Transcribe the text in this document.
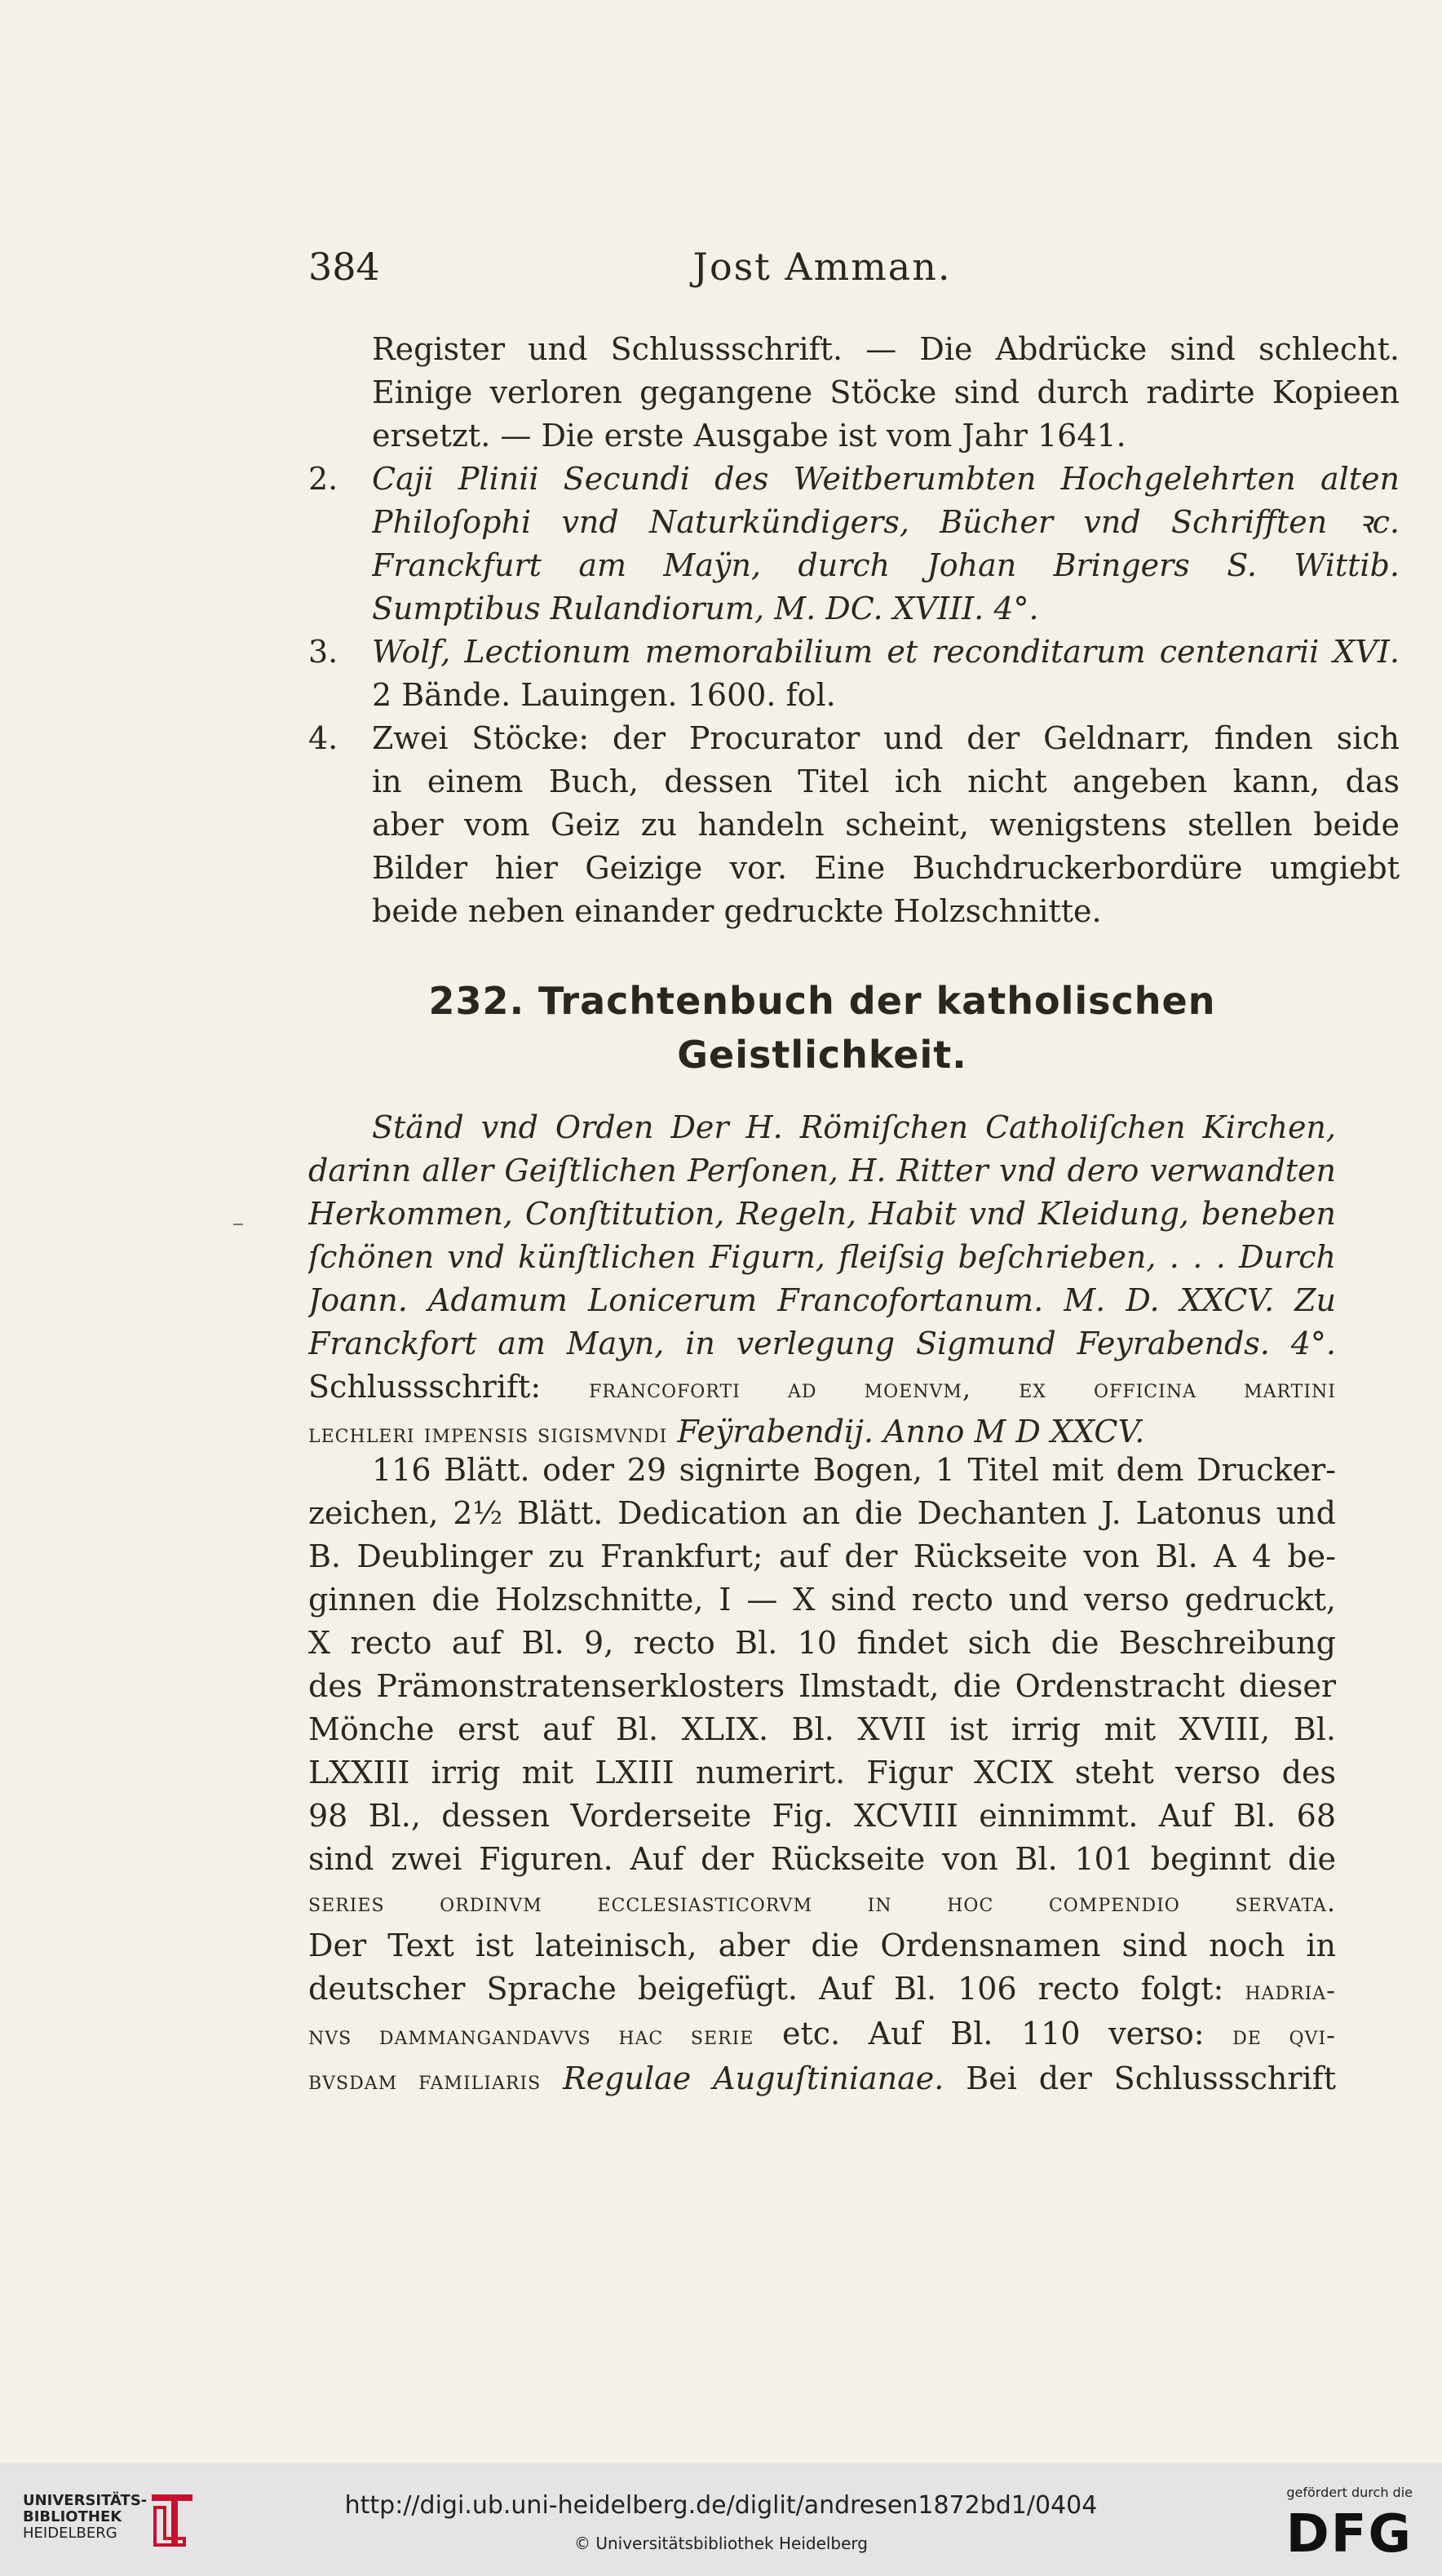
384	Jost Amman.
Register und Schlussschrift. — Die Abdrücke sind schlecht.
Einige verloren gegangene Stöcke sind durch radirte Kopieen
ersetzt. — Die erste Ausgabe ist vom Jahr 1641.
2. Caji Plinii Secundi des Weitberumbten Hochgelehrten alten
Philoſophi vnd Naturkündigers, Bücher vnd Schrifften ꝛc.
Franckfurt am Maÿn, durch Johan Bringers S. Wittib.
Sumptibus Rulandiorum, M. DC. XVIII. 4°.
3. Wolf, Lectionum memorabilium et reconditarum centenarii XVI.
2 Bände. Lauingen. 1600. fol.
4. Zwei Stöcke: der Procurator und der Geldnarr, finden sich
in einem Buch, dessen Titel ich nicht angeben kann, das
aber vom Geiz zu handeln scheint, wenigstens stellen beide
Bilder hier Geizige vor. Eine Buchdruckerbordüre umgiebt
beide neben einander gedruckte Holzschnitte.
232. Trachtenbuch der katholischen
Geistlichkeit.
Ständ vnd Orden Der H. Römiſchen Catholiſchen Kirchen,
darinn aller Geiſtlichen Perſonen, H. Ritter vnd dero verwandten
Herkommen, Conſtitution, Regeln, Habit vnd Kleidung, beneben
ſchönen vnd künſtlichen Figurn, fleiſsig beſchrieben, . . . Durch
Joann. Adamum Lonicerum Francofortanum. M. D. XXCV. Zu
Franckfort am Mayn, in verlegung Sigmund Feyrabends. 4°.
Schlussschrift: francoforti ad moenvm, ex officina martini
lechleri impensis sigismvndi Feÿrabendij. Anno M D XXCV.
116 Blätt. oder 29 signirte Bogen, 1 Titel mit dem Drucker-
zeichen, 2½ Blätt. Dedication an die Dechanten J. Latonus und
B. Deublinger zu Frankfurt; auf der Rückseite von Bl. A 4 be-
ginnen die Holzschnitte, I — X sind recto und verso gedruckt,
X recto auf Bl. 9, recto Bl. 10 findet sich die Beschreibung
des Prämonstratenserklosters Ilmstadt, die Ordenstracht dieser
Mönche erst auf Bl. XLIX. Bl. XVII ist irrig mit XVIII, Bl.
LXXIII irrig mit LXIII numerirt. Figur XCIX steht verso des
98 Bl., dessen Vorderseite Fig. XCVIII einnimmt. Auf Bl. 68
sind zwei Figuren. Auf der Rückseite von Bl. 101 beginnt die
series ordinvm ecclesiasticorvm in hoc compendio servata.
Der Text ist lateinisch, aber die Ordensnamen sind noch in
deutscher Sprache beigefügt. Auf Bl. 106 recto folgt: hadria-
nvs dammangandavvs hac serie etc. Auf Bl. 110 verso: de qvi-
bvsdam familiaris Regulae Auguſtinianae. Bei der Schlussschrift
UNIVERSITÄTS-
BIBLIOTHEK
HEIDELBERG
http://digi.ub.uni-heidelberg.de/diglit/andresen1872bd1/0404
© Universitätsbibliothek Heidelberg
gefördert durch die
DFG
